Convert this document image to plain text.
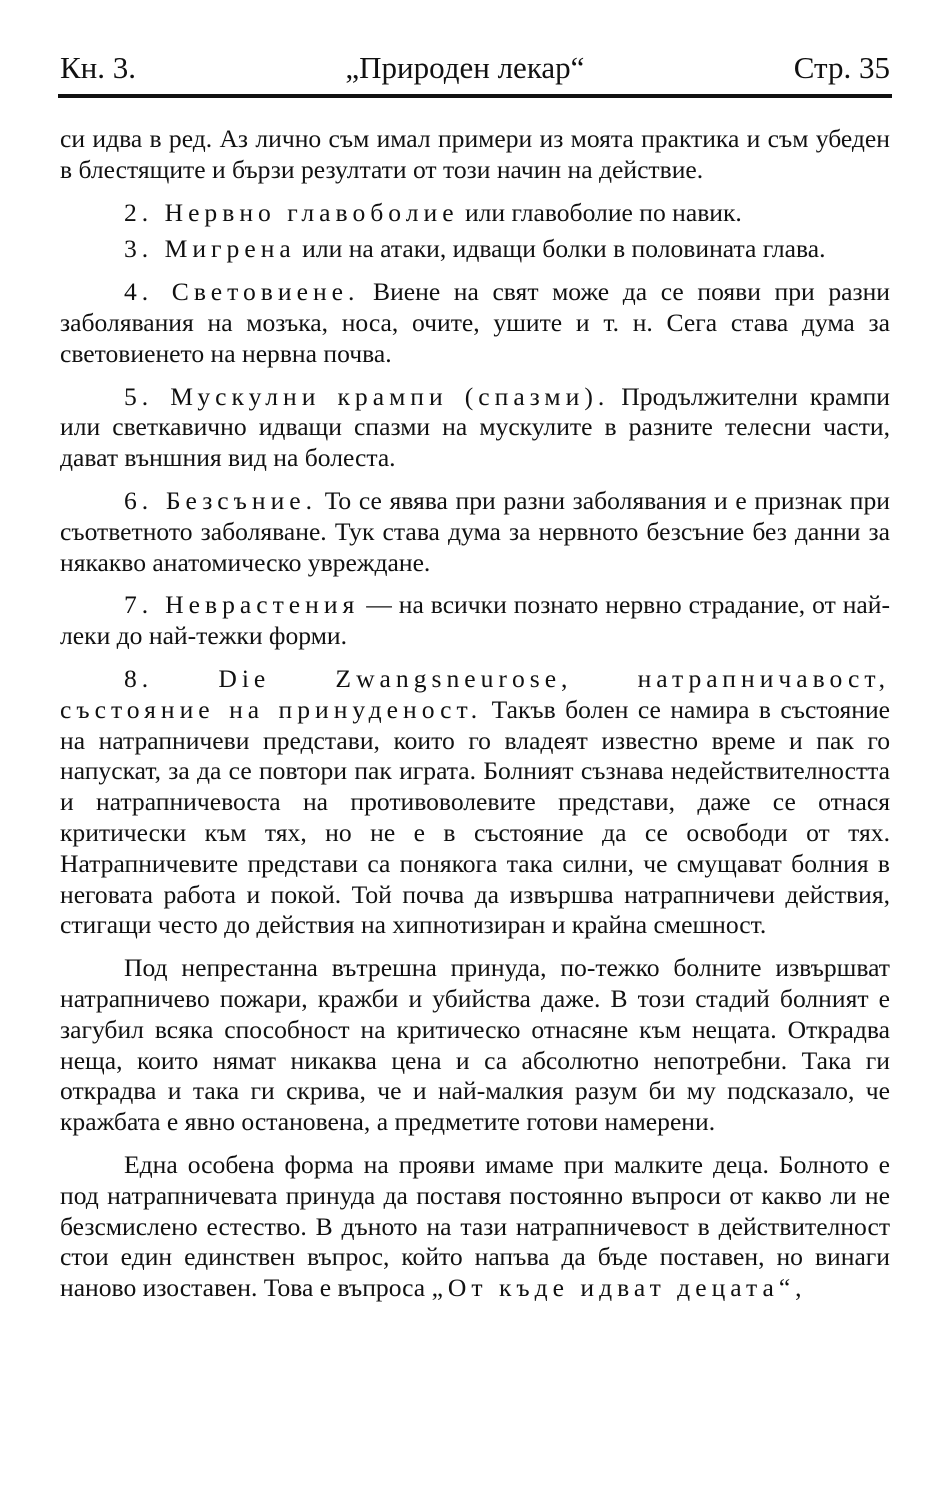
Кн. 3.	„Природен лекар“	Стр. 35

си идва в ред. Аз лично съм имал примери из моята практика и съм убеден в блестящите и бързи резултати от този начин на действие.

2. Нервно главоболие или главоболие по навик.

3. Мигрена или на атаки, идващи болки в половината глава.

4. Световиене. Виене на свят може да се появи при разни заболявания на мозъка, носа, очите, ушите и т. н. Сега става дума за световиенето на нервна почва.

5. Мускулни крампи (спазми). Продължителни крампи или светкавично идващи спазми на мускулите в разните телесни части, дават външния вид на болеста.

6. Безсъние. То се явява при разни заболявания и е признак при съответното заболяване. Тук става дума за нервното безсъние без данни за някакво анатомическо увреждане.

7. Неврастения — на всички познато нервно страдание, от най-леки до най-тежки форми.

8. Die Zwangsneurose, натрапничавост, състояние на принуденост. Такъв болен се намира в състояние на натрапничеви представи, които го владеят известно време и пак го напускат, за да се повтори пак играта. Болният съзнава недействителността и натрапничевоста на противоволевите представи, даже се отнася критически към тях, но не е в състояние да се освободи от тях. Натрапничевите представи са понякога така силни, че смущават болния в неговата работа и покой. Той почва да извършва натрапничеви действия, стигащи често до действия на хипнотизиран и крайна смешност.

Под непрестанна вътрешна принуда, по-тежко болните извършват натрапничево пожари, кражби и убийства даже. В този стадий болният е загубил всяка способност на критическо отнасяне към нещата. Открадва неща, които нямат никаква цена и са абсолютно непотребни. Така ги открадва и така ги скрива, че и най-малкия разум би му подсказало, че кражбата е явно остановена, а предметите готови намерени.

Една особена форма на прояви имаме при малките деца. Болното е под натрапничевата принуда да поставя постоянно въпроси от какво ли не безсмислено естество. В дъното на тази натрапничевост в действителност стои един единствен въпрос, който напъва да бъде поставен, но винаги наново изоставен. Това е въпроса „От къде идват децата“,
